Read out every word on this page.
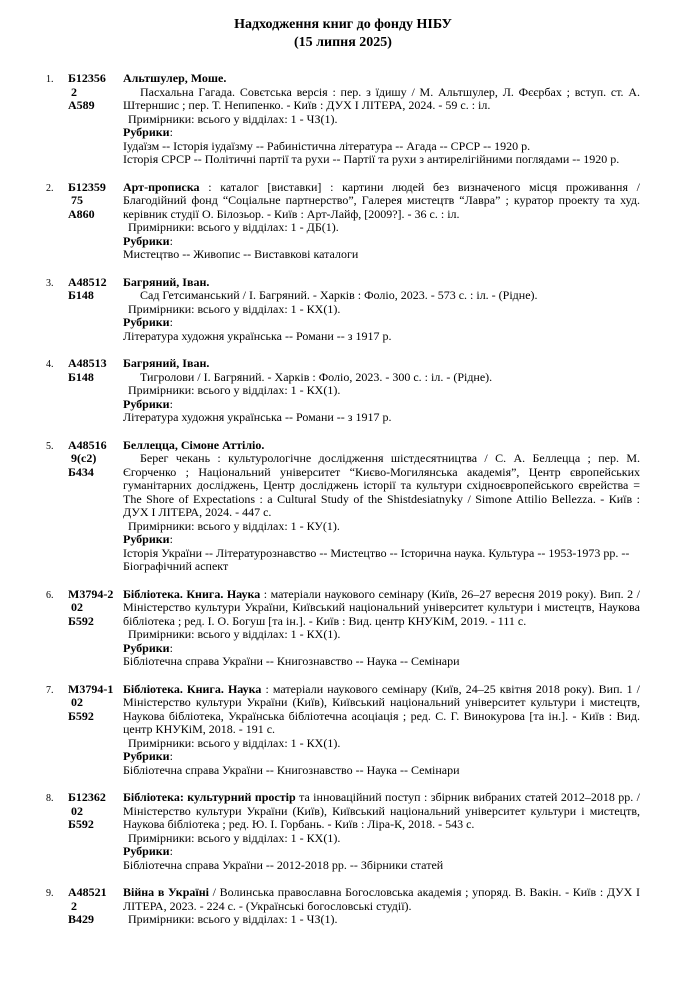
Надходження книг до фонду НІБУ
(15 липня 2025)
1.	Б12356
2
А589
Альтшулер, Моше.

Пасхальна Гагада. Совєтська версія : пер. з їдишу / М. Альтшулер, Л. Фєєрбах ; вступ. ст. А. Штерншис ; пер. Т. Непипенко. - Київ : ДУХ І ЛІТЕРА, 2024. - 59 с. : іл.

Примірники: всього у відділах: 1 - ЧЗ(1).
Рубрики:
Іудаїзм -- Історія іудаїзму -- Рабиністична література -- Агада -- СРСР -- 1920 р.
Історія СРСР -- Політичні партії та рухи -- Партії та рухи з антирелігійними поглядами -- 1920 р.
2.	Б12359
75
А860

Арт-прописка : каталог [виставки] : картини людей без визначеного місця проживання / Благодійний фонд “Соціальне партнерство”, Галерея мистецтв “Лавра” ; куратор проекту та худ. керівник студії О. Білозьор. - Київ : Арт-Лайф, [2009?]. - 36 с. : іл.

Примірники: всього у відділах: 1 - ДБ(1).
Рубрики:
Мистецтво -- Живопис -- Виставкові каталоги
3.	А48512
Б148
Багряний, Іван.

Сад Гетсиманський / І. Багряний. - Харків : Фоліо, 2023. - 573 с. : іл. - (Рідне).

Примірники: всього у відділах: 1 - КХ(1).
Рубрики:
Література художня українська -- Романи -- з 1917 р.
4.	А48513
Б148
Багряний, Іван.

Тигролови / І. Багряний. - Харків : Фоліо, 2023. - 300 с. : іл. - (Рідне).

Примірники: всього у відділах: 1 - КХ(1).
Рубрики:
Література художня українська -- Романи -- з 1917 р.
5.	А48516
9(с2)
Б434
Беллецца, Сімоне Аттіліо.

Берег чекань : культурологічне дослідження шістдесятництва / С. А. Беллецца ; пер. М. Єгорченко ; Національний університет “Києво-Могилянська академія”, Центр європейських гуманітарних досліджень, Центр досліджень історії та культури східноєвропейського єврейства = The Shore of Expectations : a Cultural Study of the Shistdesiatnyky / Simone Attilio Bellezza. - Київ : ДУХ І ЛІТЕРА, 2024. - 447 с.

Примірники: всього у відділах: 1 - КУ(1).
Рубрики:
Історія України -- Літературознавство -- Мистецтво -- Історична наука. Культура -- 1953-1973 рр. -- Біографічний аспект
6.	М3794-2
02
Б592

Бібліотека. Книга. Наука : матеріали наукового семінару (Київ, 26–27 вересня 2019 року). Вип. 2 / Міністерство культури України, Київський національний університет культури і мистецтв, Наукова бібліотека ; ред. І. О. Богуш [та ін.]. - Київ : Вид. центр КНУКіМ, 2019. - 111 с.

Примірники: всього у відділах: 1 - КХ(1).
Рубрики:
Бібліотечна справа України -- Книгознавство -- Наука -- Семінари
7.	М3794-1
02
Б592

Бібліотека. Книга. Наука : матеріали наукового семінару (Київ, 24–25 квітня 2018 року). Вип. 1 / Міністерство культури України (Київ), Київський національний університет культури і мистецтв, Наукова бібліотека, Українська бібліотечна асоціація ; ред. С. Г. Винокурова [та ін.]. - Київ : Вид. центр КНУКіМ, 2018. - 191 с.

Примірники: всього у відділах: 1 - КХ(1).
Рубрики:
Бібліотечна справа України -- Книгознавство -- Наука -- Семінари
8.	Б12362
02
Б592

Бібліотека: культурний простір та інноваційний поступ : збірник вибраних статей 2012–2018 рр. / Міністерство культури України (Київ), Київський національний університет культури і мистецтв, Наукова бібліотека ; ред. Ю. І. Горбань. - Київ : Ліра-К, 2018. - 543 с.

Примірники: всього у відділах: 1 - КХ(1).
Рубрики:
Бібліотечна справа України -- 2012-2018 рр. -- Збірники статей
9.	А48521
2
В429

Війна в Україні / Волинська православна Богословська академія ; упоряд. В. Вакін. - Київ : ДУХ І ЛІТЕРА, 2023. - 224 с. - (Українські богословські студії).

Примірники: всього у відділах: 1 - ЧЗ(1).
